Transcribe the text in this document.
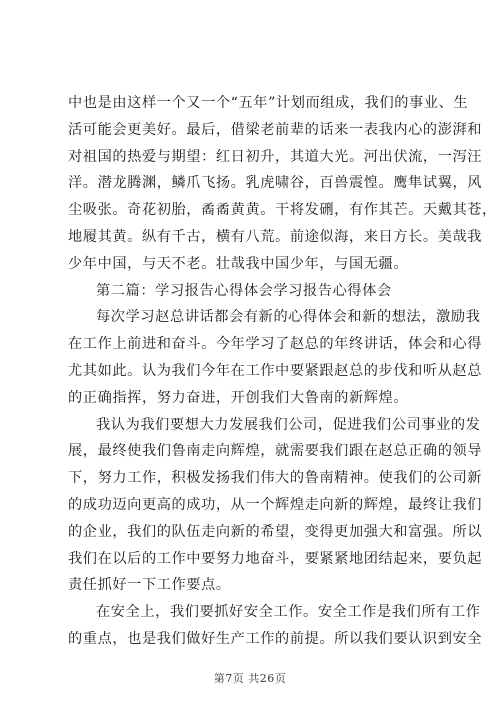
中也是由这样一个又一个“五年”计划而组成，我们的事业、生
活可能会更美好。最后，借梁老前辈的话来一表我内心的澎湃和
对祖国的热爱与期望：红日初升，其道大光。河出伏流，一泻汪
洋。潜龙腾渊，鳞爪飞扬。乳虎啸谷，百兽震惶。鹰隼试翼，风
尘吸张。奇花初胎，矞矞黄黄。干将发硎，有作其芒。天戴其苍，
地履其黄。纵有千古，横有八荒。前途似海，来日方长。美哉我
少年中国，与天不老。壮哉我中国少年，与国无疆。
第二篇：学习报告心得体会学习报告心得体会
每次学习赵总讲话都会有新的心得体会和新的想法，激励我
在工作上前进和奋斗。今年学习了赵总的年终讲话，体会和心得
尤其如此。认为我们今年在工作中要紧跟赵总的步伐和听从赵总
的正确指挥，努力奋进，开创我们大鲁南的新辉煌。
我认为我们要想大力发展我们公司，促进我们公司事业的发
展，最终使我们鲁南走向辉煌，就需要我们跟在赵总正确的领导
下，努力工作，积极发扬我们伟大的鲁南精神。使我们的公司新
的成功迈向更高的成功，从一个辉煌走向新的辉煌，最终让我们
的企业，我们的队伍走向新的希望，变得更加强大和富强。所以
我们在以后的工作中要努力地奋斗，要紧紧地团结起来，要负起
责任抓好一下工作要点。
在安全上，我们要抓好安全工作。安全工作是我们所有工作
的重点，也是我们做好生产工作的前提。所以我们要认识到安全
第7页 共26页
